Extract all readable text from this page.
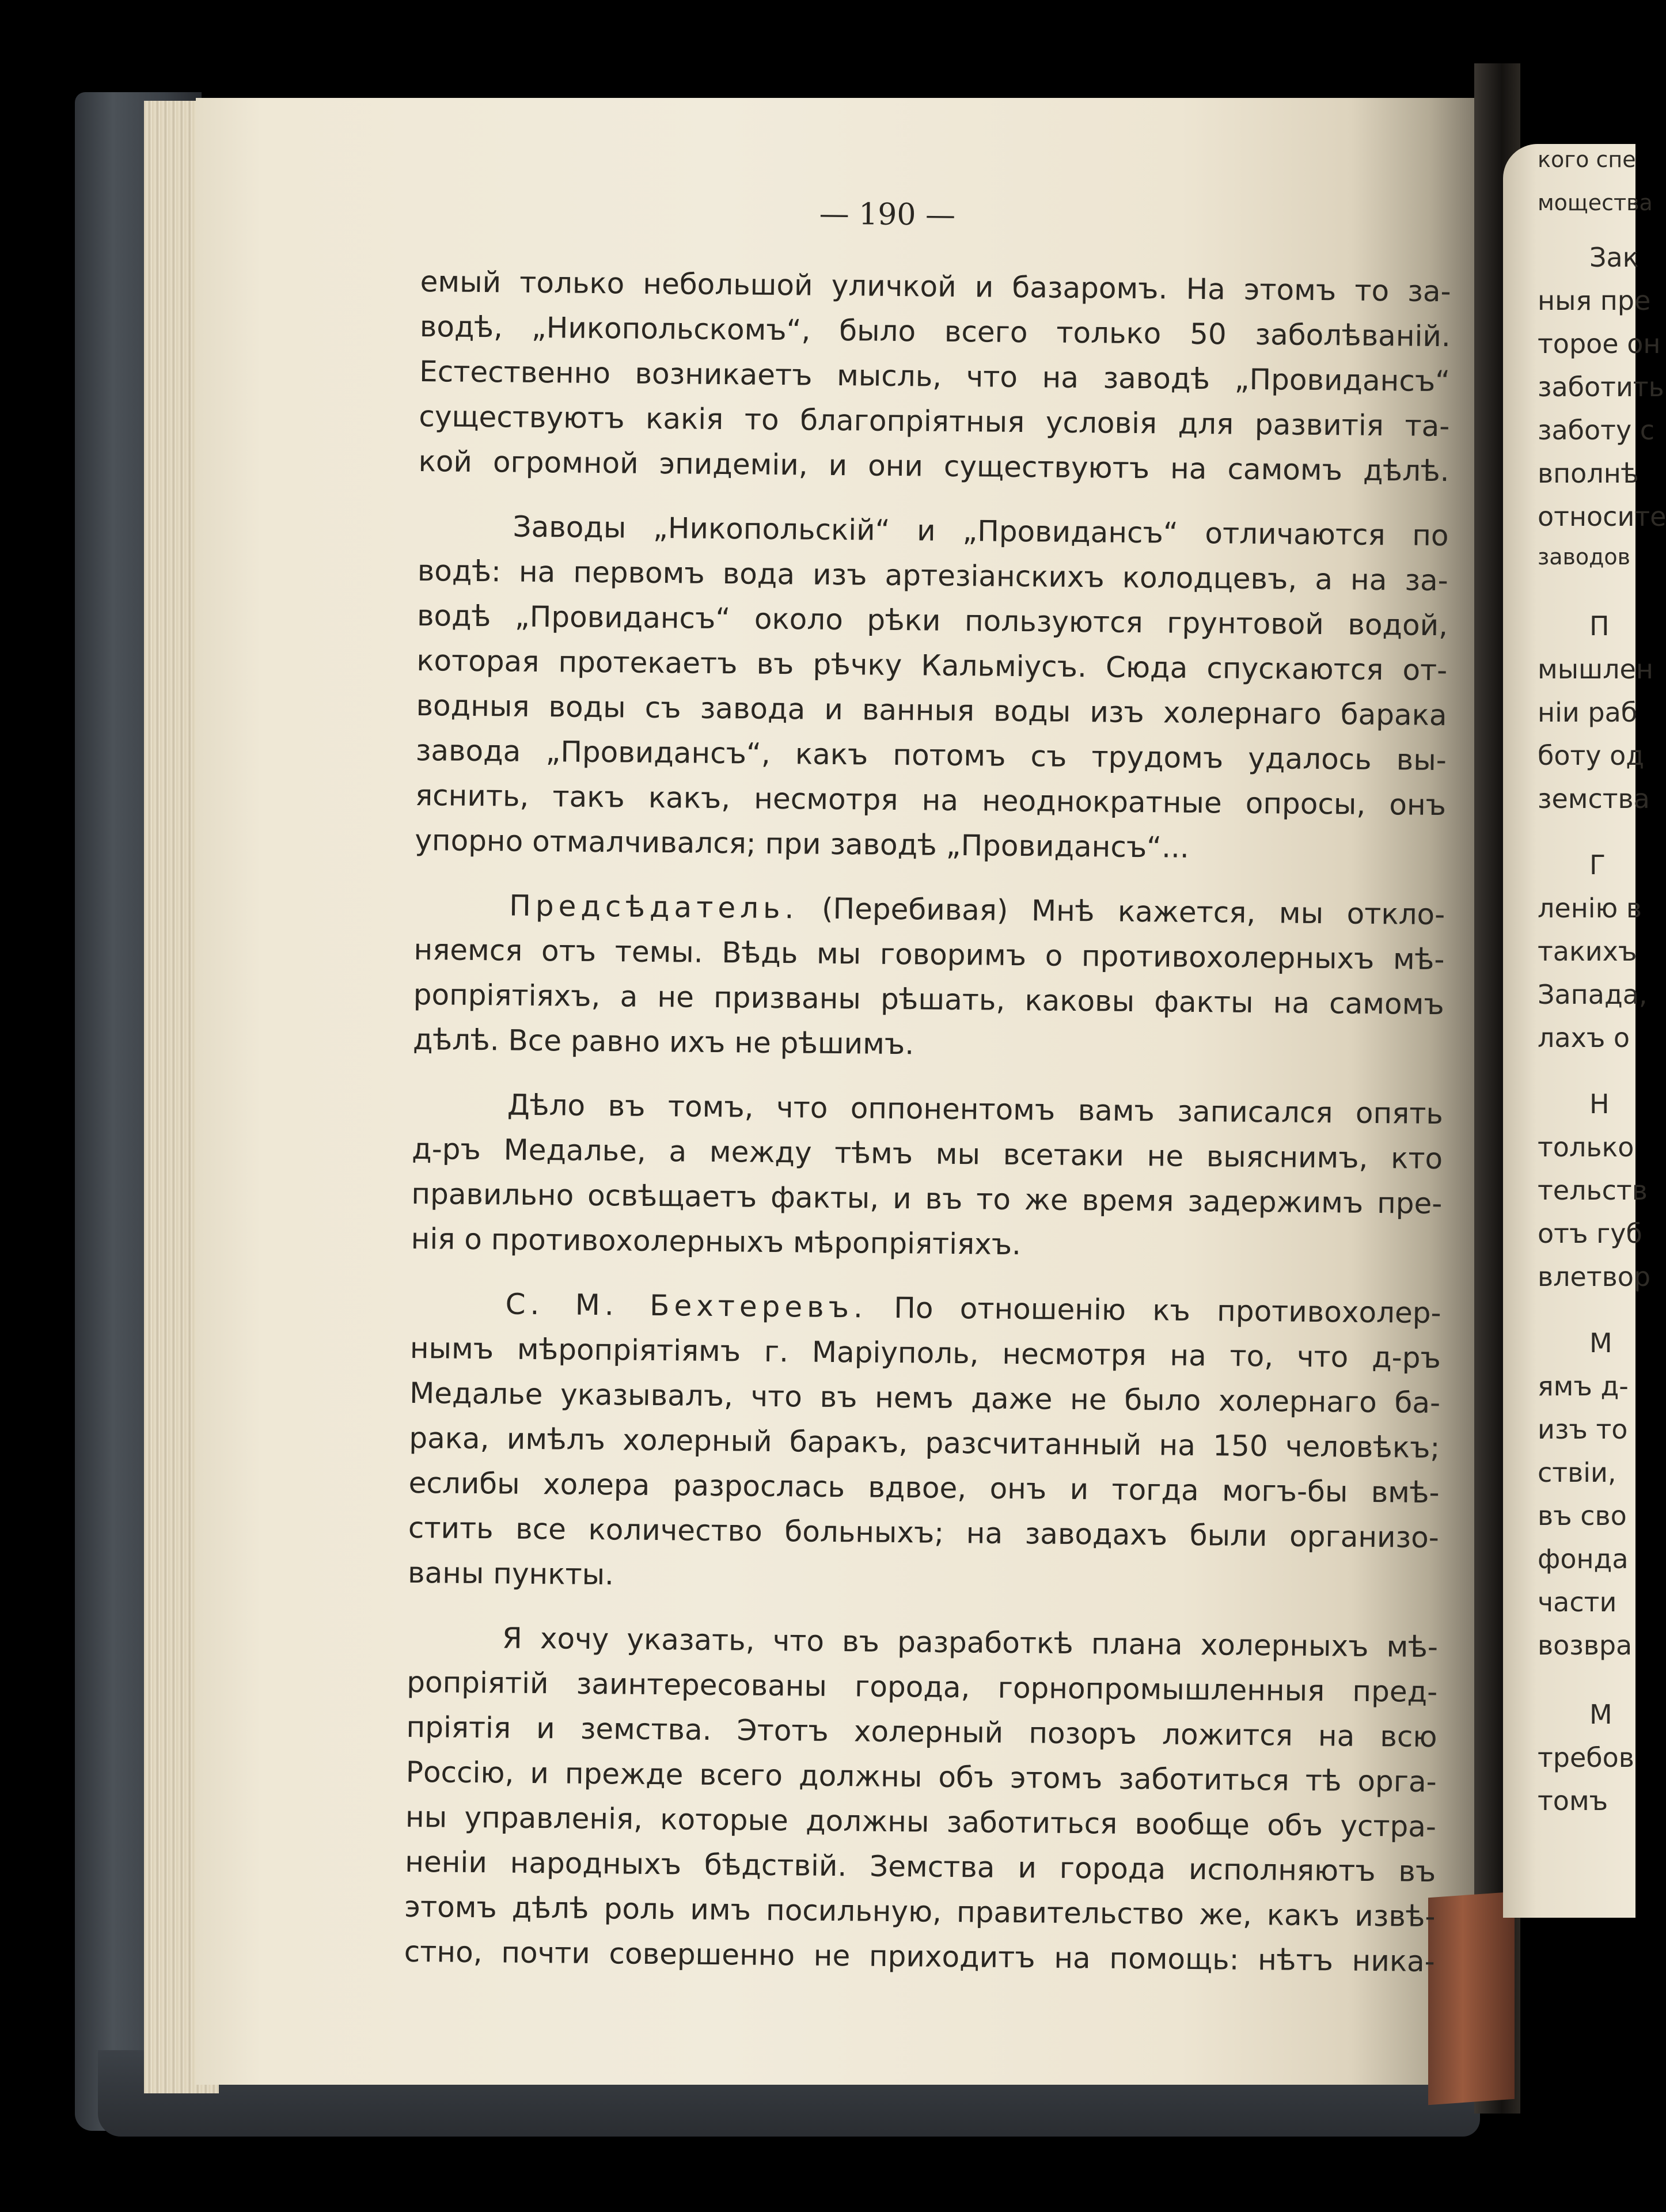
кого спе
мощества
Зак
ныя пре
торое он
заботить
заботу с
вполнѣ
относите
заводов
П
мышлен
ніи раб
боту од
земства
Г
ленію в
такихъ
Запада,
лахъ о
Н
только
тельств
отъ губ
влетвор
М
ямъ д-
изъ то
ствіи,
въ сво
фонда
части
возвра
М
требов
томъ
— 190 —
емый только небольшой уличкой и базаромъ. На этомъ то за-
водѣ, „Никопольскомъ“, было всего только 50 заболѣваній.
Естественно возникаетъ мысль, что на заводѣ „Провидансъ“
существуютъ какія то благопріятныя условія для развитія та-
кой огромной эпидеміи, и они существуютъ на самомъ дѣлѣ.
Заводы „Никопольскій“ и „Провидансъ“ отличаются по
водѣ: на первомъ вода изъ артезіанскихъ колодцевъ, а на за-
водѣ „Провидансъ“ около рѣки пользуются грунтовой водой,
которая протекаетъ въ рѣчку Кальміусъ. Сюда спускаются от-
водныя воды съ завода и ванныя воды изъ холернаго барака
завода „Провидансъ“, какъ потомъ съ трудомъ удалось вы-
яснить, такъ какъ, несмотря на неоднократные опросы, онъ
упорно отмалчивался; при заводѣ „Провидансъ“...
Предсѣдатель. (Перебивая) Мнѣ кажется, мы откло-
няемся отъ темы. Вѣдь мы говоримъ о противохолерныхъ мѣ-
ропріятіяхъ, а не призваны рѣшать, каковы факты на самомъ
дѣлѣ. Все равно ихъ не рѣшимъ.
Дѣло въ томъ, что оппонентомъ вамъ записался опять
д-ръ Медалье, а между тѣмъ мы всетаки не выяснимъ, кто
правильно освѣщаетъ факты, и въ то же время задержимъ пре-
нія о противохолерныхъ мѣропріятіяхъ.
С. М. Бехтеревъ. По отношенію къ противохолер-
нымъ мѣропріятіямъ г. Маріуполь, несмотря на то, что д-ръ
Медалье указывалъ, что въ немъ даже не было холернаго ба-
рака, имѣлъ холерный баракъ, разсчитанный на 150 человѣкъ;
еслибы холера разрослась вдвое, онъ и тогда могъ-бы вмѣ-
стить все количество больныхъ; на заводахъ были организо-
ваны пункты.
Я хочу указать, что въ разработкѣ плана холерныхъ мѣ-
ропріятій заинтересованы города, горнопромышленныя пред-
пріятія и земства. Этотъ холерный позоръ ложится на всю
Россію, и прежде всего должны объ этомъ заботиться тѣ орга-
ны управленія, которые должны заботиться вообще объ устра-
неніи народныхъ бѣдствій. Земства и города исполняютъ въ
этомъ дѣлѣ роль имъ посильную, правительство же, какъ извѣ-
стно, почти совершенно не приходитъ на помощь: нѣтъ ника-
